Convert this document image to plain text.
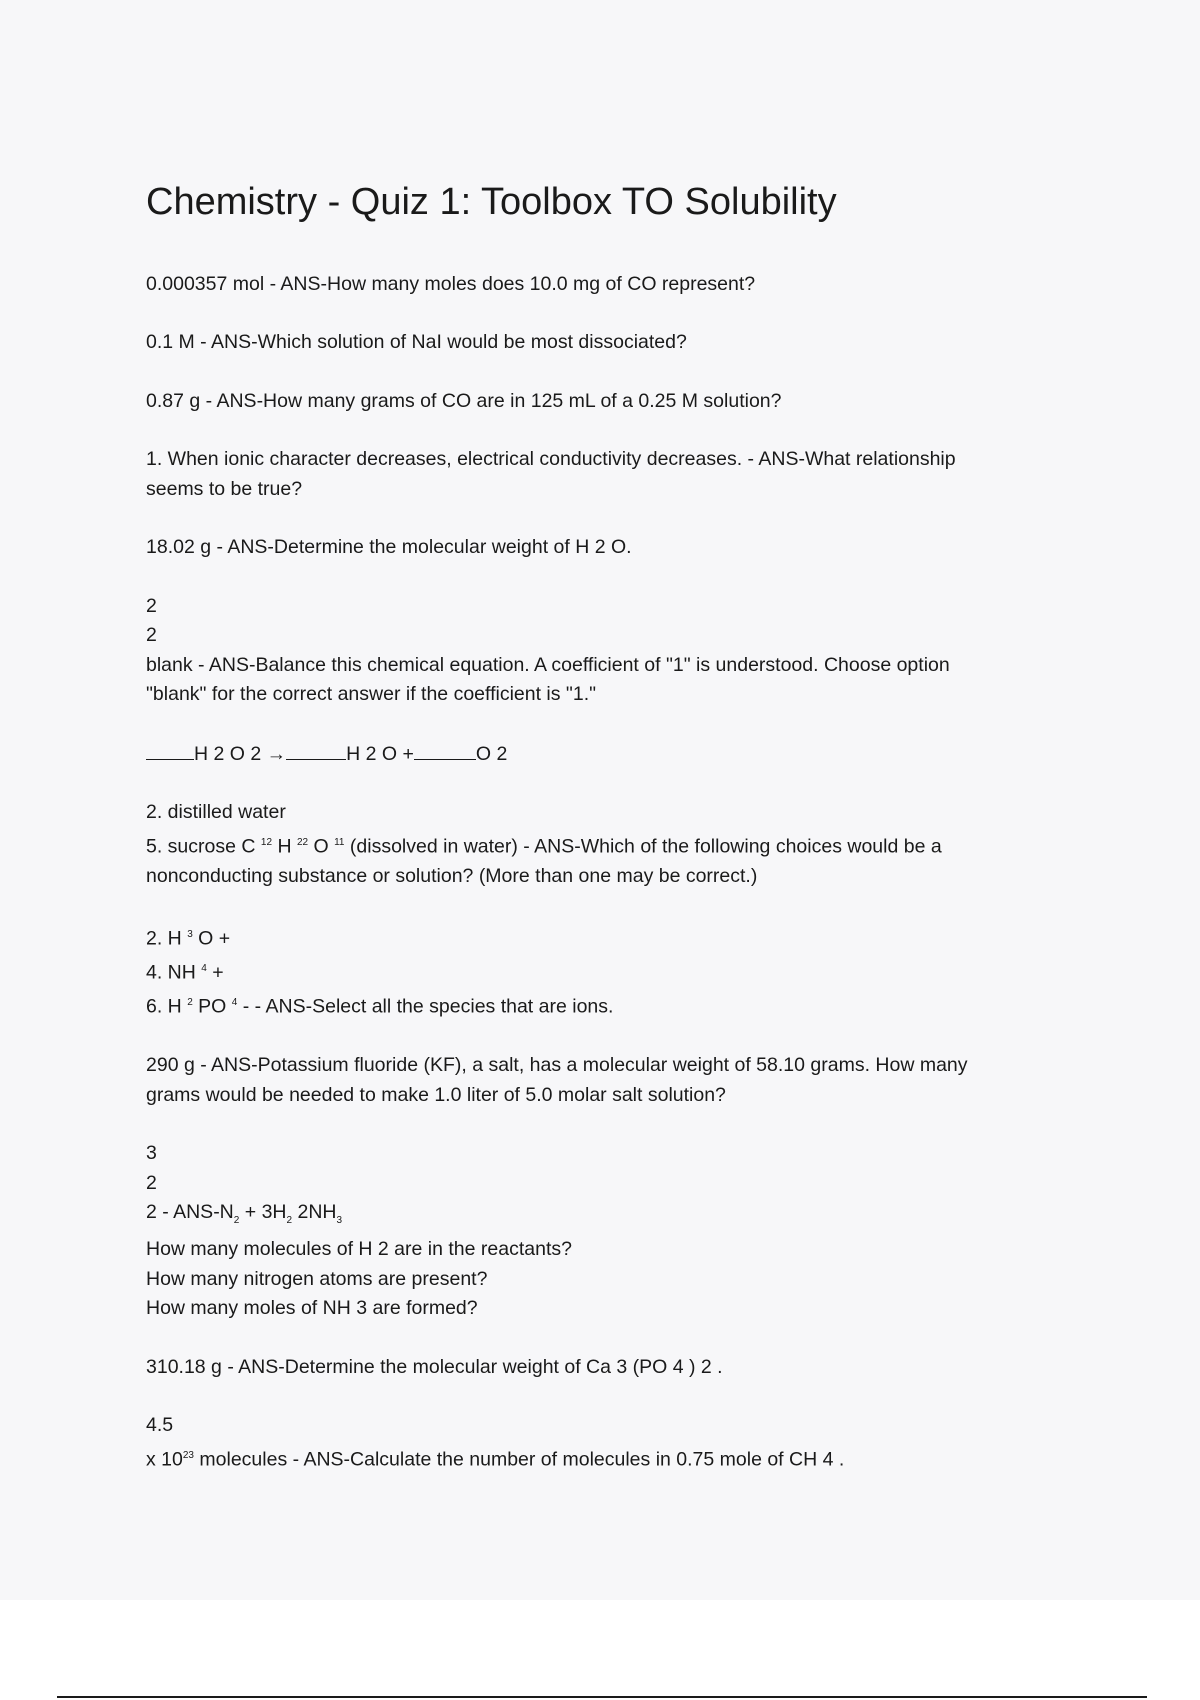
Chemistry - Quiz 1: Toolbox TO Solubility
0.000357 mol - ANS-How many moles does 10.0 mg of CO represent?
0.1 M - ANS-Which solution of NaI would be most dissociated?
0.87 g - ANS-How many grams of CO are in 125 mL of a 0.25 M solution?
1. When ionic character decreases, electrical conductivity decreases. - ANS-What relationship
seems to be true?
18.02 g - ANS-Determine the molecular weight of H 2 O.
2
2
blank - ANS-Balance this chemical equation. A coefficient of "1" is understood. Choose option
"blank" for the correct answer if the coefficient is "1."
H 2 O 2 →	H 2 O +	O 2
2. distilled water
5. sucrose C $^{12}$ H $^{22}$ O $^{11}$ (dissolved in water) - ANS-Which of the following choices would be a
nonconducting substance or solution? (More than one may be correct.)
2. H $^3$ O +
4. NH $^4$ +
6. H $^2$ PO $^4$ - - ANS-Select all the species that are ions.
290 g - ANS-Potassium fluoride (KF), a salt, has a molecular weight of 58.10 grams. How many
grams would be needed to make 1.0 liter of 5.0 molar salt solution?
3
2
2 - ANS-$N_2 + 3H_2$ $2NH_3$
How many molecules of H 2 are in the reactants?
How many nitrogen atoms are present?
How many moles of NH 3 are formed?
310.18 g - ANS-Determine the molecular weight of Ca 3 (PO 4 ) 2 .
4.5
x $10^{23}$ molecules - ANS-Calculate the number of molecules in 0.75 mole of CH 4 .
